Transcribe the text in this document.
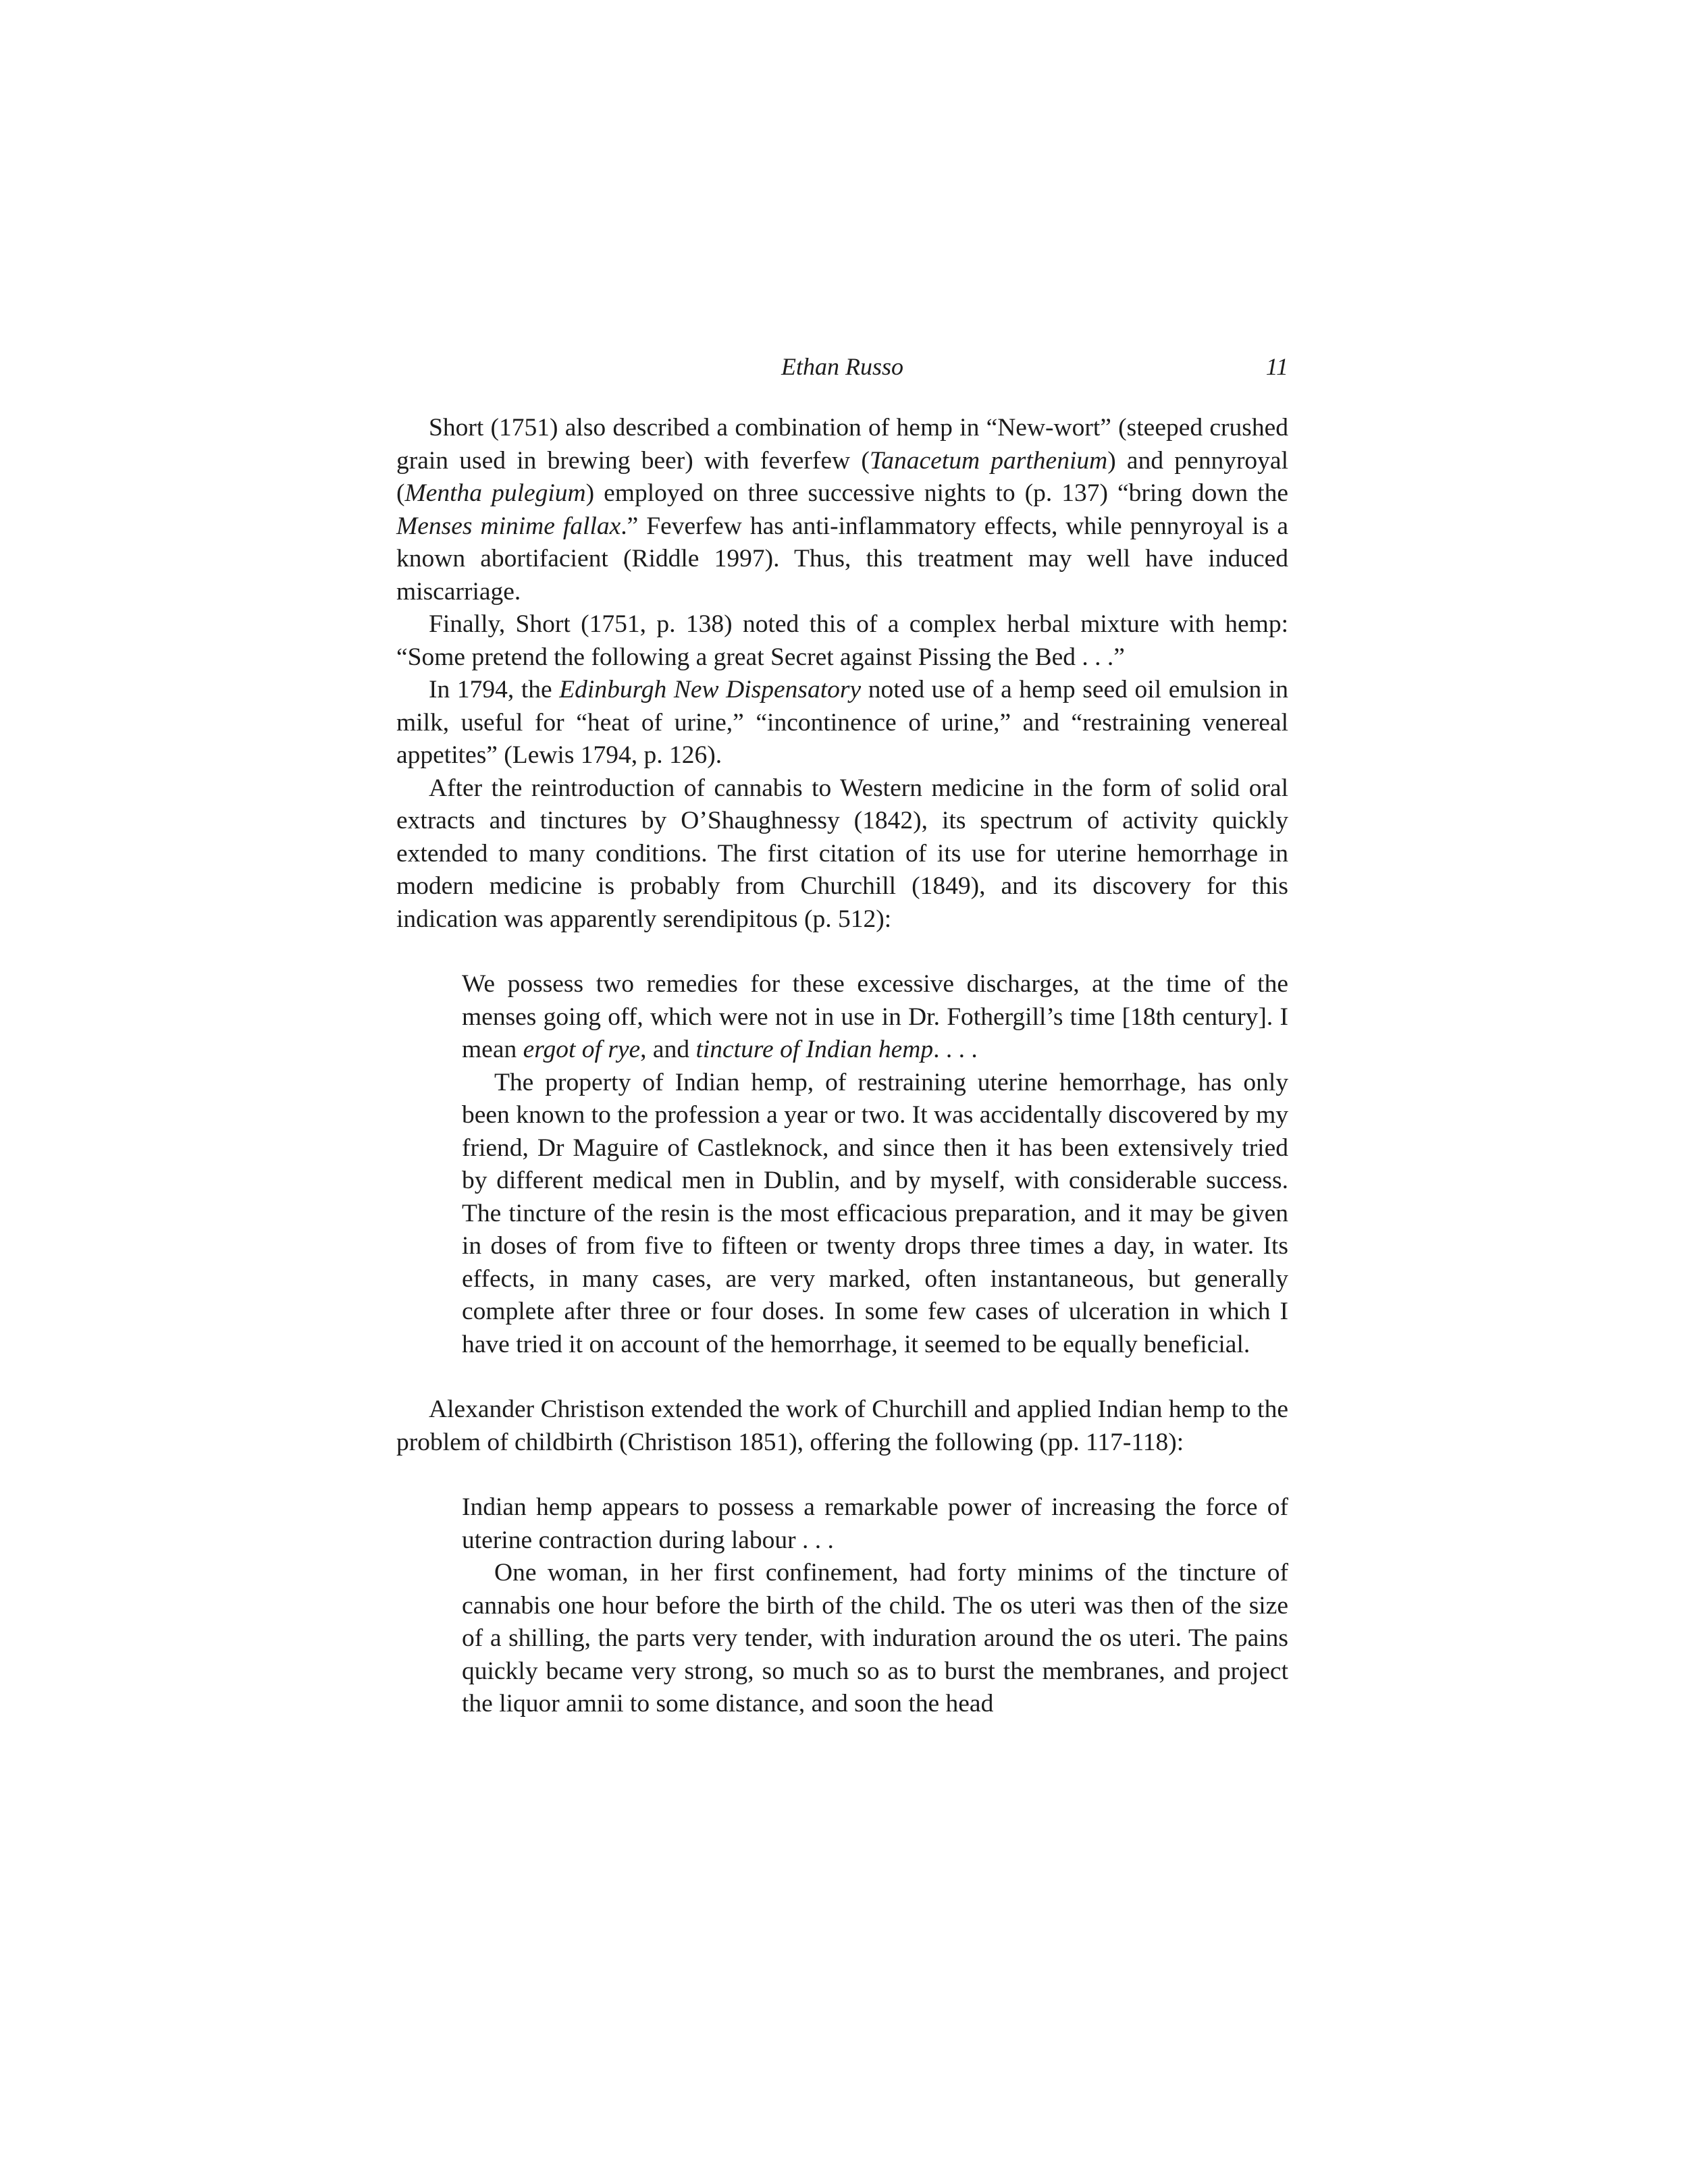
Ethan Russo	11

Short (1751) also described a combination of hemp in “New-wort” (steeped crushed grain used in brewing beer) with feverfew (Tanacetum parthenium) and pennyroyal (Mentha pulegium) employed on three successive nights to (p. 137) “bring down the Menses minime fallax.” Feverfew has anti-inflammatory effects, while pennyroyal is a known abortifacient (Riddle 1997). Thus, this treatment may well have induced miscarriage.

Finally, Short (1751, p. 138) noted this of a complex herbal mixture with hemp: “Some pretend the following a great Secret against Pissing the Bed . . .”

In 1794, the Edinburgh New Dispensatory noted use of a hemp seed oil emulsion in milk, useful for “heat of urine,” “incontinence of urine,” and “restraining venereal appetites” (Lewis 1794, p. 126).

After the reintroduction of cannabis to Western medicine in the form of solid oral extracts and tinctures by O’Shaughnessy (1842), its spectrum of activity quickly extended to many conditions. The first citation of its use for uterine hemorrhage in modern medicine is probably from Churchill (1849), and its discovery for this indication was apparently serendipitous (p. 512):

We possess two remedies for these excessive discharges, at the time of the menses going off, which were not in use in Dr. Fothergill’s time [18th century]. I mean ergot of rye, and tincture of Indian hemp. . . .

The property of Indian hemp, of restraining uterine hemorrhage, has only been known to the profession a year or two. It was accidentally discovered by my friend, Dr Maguire of Castleknock, and since then it has been extensively tried by different medical men in Dublin, and by myself, with considerable success. The tincture of the resin is the most efficacious preparation, and it may be given in doses of from five to fifteen or twenty drops three times a day, in water. Its effects, in many cases, are very marked, often instantaneous, but generally complete after three or four doses. In some few cases of ulceration in which I have tried it on account of the hemorrhage, it seemed to be equally beneficial.

Alexander Christison extended the work of Churchill and applied Indian hemp to the problem of childbirth (Christison 1851), offering the following (pp. 117-118):

Indian hemp appears to possess a remarkable power of increasing the force of uterine contraction during labour . . .

One woman, in her first confinement, had forty minims of the tincture of cannabis one hour before the birth of the child. The os uteri was then of the size of a shilling, the parts very tender, with induration around the os uteri. The pains quickly became very strong, so much so as to burst the membranes, and project the liquor amnii to some distance, and soon the head
